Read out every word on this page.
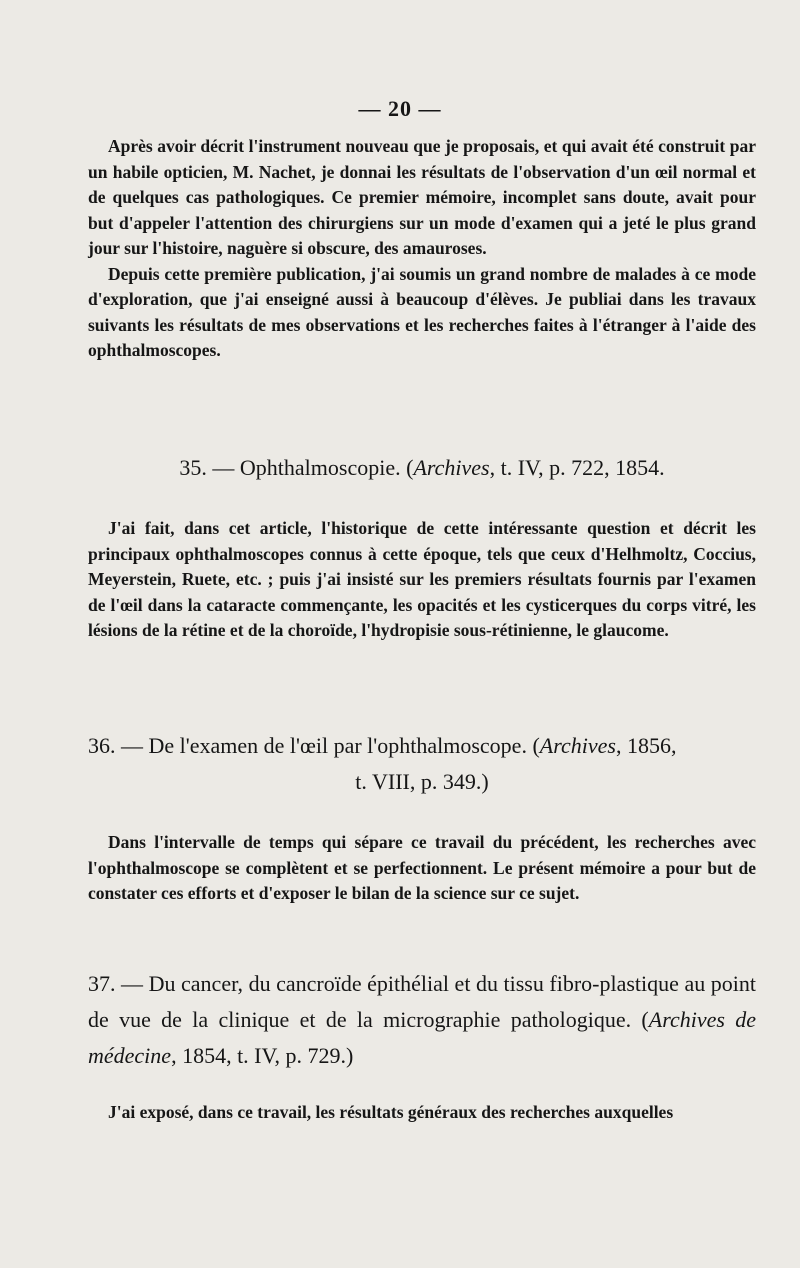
— 20 —

Après avoir décrit l'instrument nouveau que je proposais, et qui avait été construit par un habile opticien, M. Nachet, je donnai les résultats de l'observation d'un œil normal et de quelques cas pathologiques. Ce premier mémoire, incomplet sans doute, avait pour but d'appeler l'attention des chirurgiens sur un mode d'examen qui a jeté le plus grand jour sur l'histoire, naguère si obscure, des amauroses.

Depuis cette première publication, j'ai soumis un grand nombre de malades à ce mode d'exploration, que j'ai enseigné aussi à beaucoup d'élèves. Je publiai dans les travaux suivants les résultats de mes observations et les recherches faites à l'étranger à l'aide des ophthalmoscopes.

35. — Ophthalmoscopie. (Archives, t. IV, p. 722, 1854.

J'ai fait, dans cet article, l'historique de cette intéressante question et décrit les principaux ophthalmoscopes connus à cette époque, tels que ceux d'Helhmoltz, Coccius, Meyerstein, Ruete, etc. ; puis j'ai insisté sur les premiers résultats fournis par l'examen de l'œil dans la cataracte commençante, les opacités et les cysticerques du corps vitré, les lésions de la rétine et de la choroïde, l'hydropisie sous-rétinienne, le glaucome.

36. — De l'examen de l'œil par l'ophthalmoscope. (Archives, 1856,
t. VIII, p. 349.)

Dans l'intervalle de temps qui sépare ce travail du précédent, les recherches avec l'ophthalmoscope se complètent et se perfectionnent. Le présent mémoire a pour but de constater ces efforts et d'exposer le bilan de la science sur ce sujet.

37. — Du cancer, du cancroïde épithélial et du tissu fibro-plastique au point de vue de la clinique et de la micrographie pathologique. (Archives de médecine, 1854, t. IV, p. 729.)

J'ai exposé, dans ce travail, les résultats généraux des recherches auxquelles
